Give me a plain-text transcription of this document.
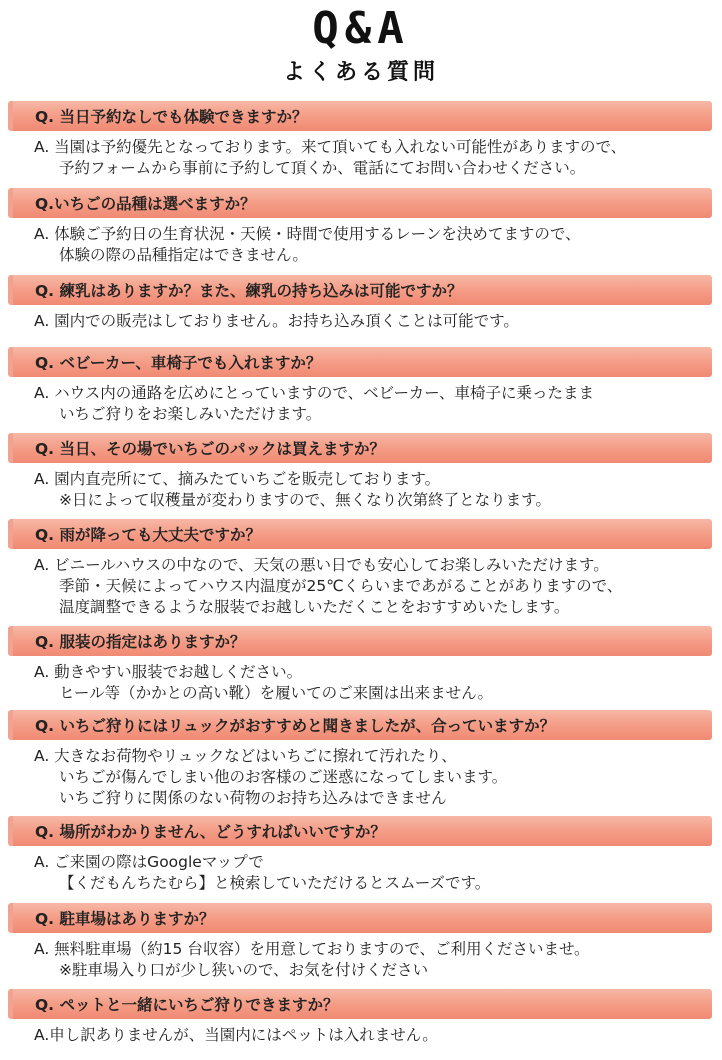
Q&A
よくある質問
Q. 当日予約なしでも体験できますか？
A. 当園は予約優先となっております。来て頂いても入れない可能性がありますので、
予約フォームから事前に予約して頂くか、電話にてお問い合わせください。
Q.いちごの品種は選べますか？
A. 体験ご予約日の生育状況・天候・時間で使用するレーンを決めてますので、
体験の際の品種指定はできません。
Q. 練乳はありますか？また、練乳の持ち込みは可能ですか？
A. 園内での販売はしておりません。お持ち込み頂くことは可能です。
Q. ベビーカー、車椅子でも入れますか？
A. ハウス内の通路を広めにとっていますので、ベビーカー、車椅子に乗ったまま
いちご狩りをお楽しみいただけます。
Q. 当日、その場でいちごのパックは買えますか？
A. 園内直売所にて、摘みたていちごを販売しております。
※日によって収穫量が変わりますので、無くなり次第終了となります。
Q. 雨が降っても大丈夫ですか？
A. ビニールハウスの中なので、天気の悪い日でも安心してお楽しみいただけます。
季節・天候によってハウス内温度が25℃くらいまであがることがありますので、
温度調整できるような服装でお越しいただくことをおすすめいたします。
Q. 服装の指定はありますか？
A. 動きやすい服装でお越しください。
ヒール等（かかとの高い靴）を履いてのご来園は出来ません。
Q. いちご狩りにはリュックがおすすめと聞きましたが、合っていますか？
A. 大きなお荷物やリュックなどはいちごに擦れて汚れたり、
いちごが傷んでしまい他のお客様のご迷惑になってしまいます。
いちご狩りに関係のない荷物のお持ち込みはできません
Q. 場所がわかりません、どうすればいいですか？
A. ご来園の際はGoogleマップで
【くだもんちたむら】と検索していただけるとスムーズです。
Q. 駐車場はありますか？
A. 無料駐車場（約15 台収容）を用意しておりますので、ご利用くださいませ。
※駐車場入り口が少し狭いので、お気を付けください
Q. ペットと一緒にいちご狩りできますか？
A.申し訳ありませんが、当園内にはペットは入れません。
